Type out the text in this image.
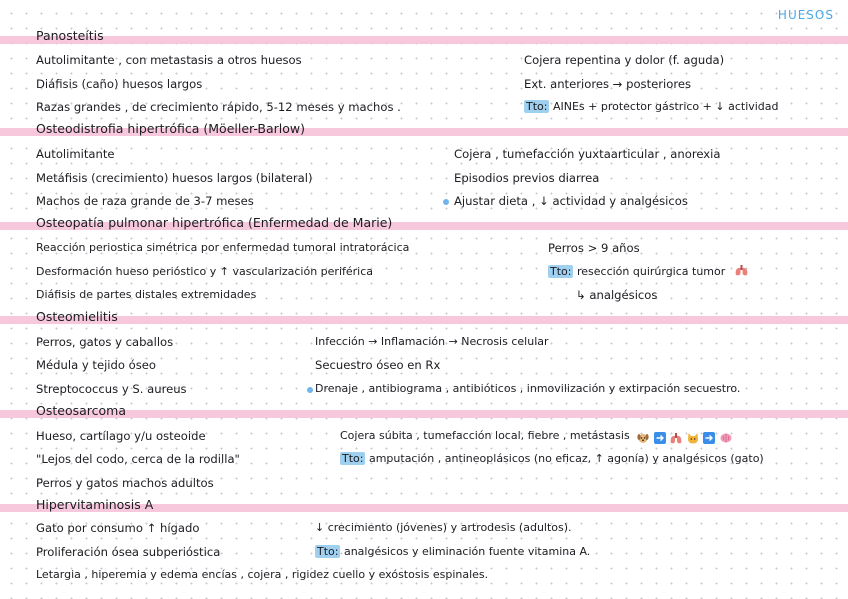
HUESOS
Panosteítis
Autolimitante , con metastasis a otros huesos
Diáfisis (caño) huesos largos
Razas grandes , de crecimiento rápido, 5-12 meses y machos .
Cojera repentina y dolor (f. aguda)
Ext. anteriores → posteriores
Tto: AINEs + protector gástrico + ↓ actividad
Osteodistrofia hipertrófica (Möeller-Barlow)
Autolimitante
Metáfisis (crecimiento) huesos largos (bilateral)
Machos de raza grande de 3-7 meses
Cojera , tumefacción yuxtaarticular , anorexia
Episodios previos diarrea
Ajustar dieta , ↓ actividad y analgésicos
Osteopatía pulmonar hipertrófica (Enfermedad de Marie)
Reacción periostica simétrica por enfermedad tumoral intratorácica
Desformación hueso perióstico y ↑ vascularización periférica
Diáfisis de partes distales extremidades
Perros > 9 años
Tto: resección quirúrgica tumor
↳ analgésicos
Osteomielitis
Perros, gatos y caballos
Médula y tejido óseo
Streptococcus y S. aureus
Infección → Inflamación → Necrosis celular
Secuestro óseo en Rx
Drenaje , antibiograma , antibióticos , inmovilización y extirpación secuestro.
Osteosarcoma
Hueso, cartílago y/u osteoide
"Lejos del codo, cerca de la rodilla"
Perros y gatos machos adultos
Cojera súbita , tumefacción local, fiebre , metástasis
Tto: amputación , antineoplásicos (no eficaz, ↑ agonía) y analgésicos (gato)
Hipervitaminosis A
Gato por consumo ↑ hígado
Proliferación ósea subperióstica
Letargia , hiperemia y edema encías , cojera , rigidez cuello y exóstosis espinales.
↓ crecimiento (jóvenes) y artrodesis (adultos).
Tto: analgésicos y eliminación fuente vitamina A.
